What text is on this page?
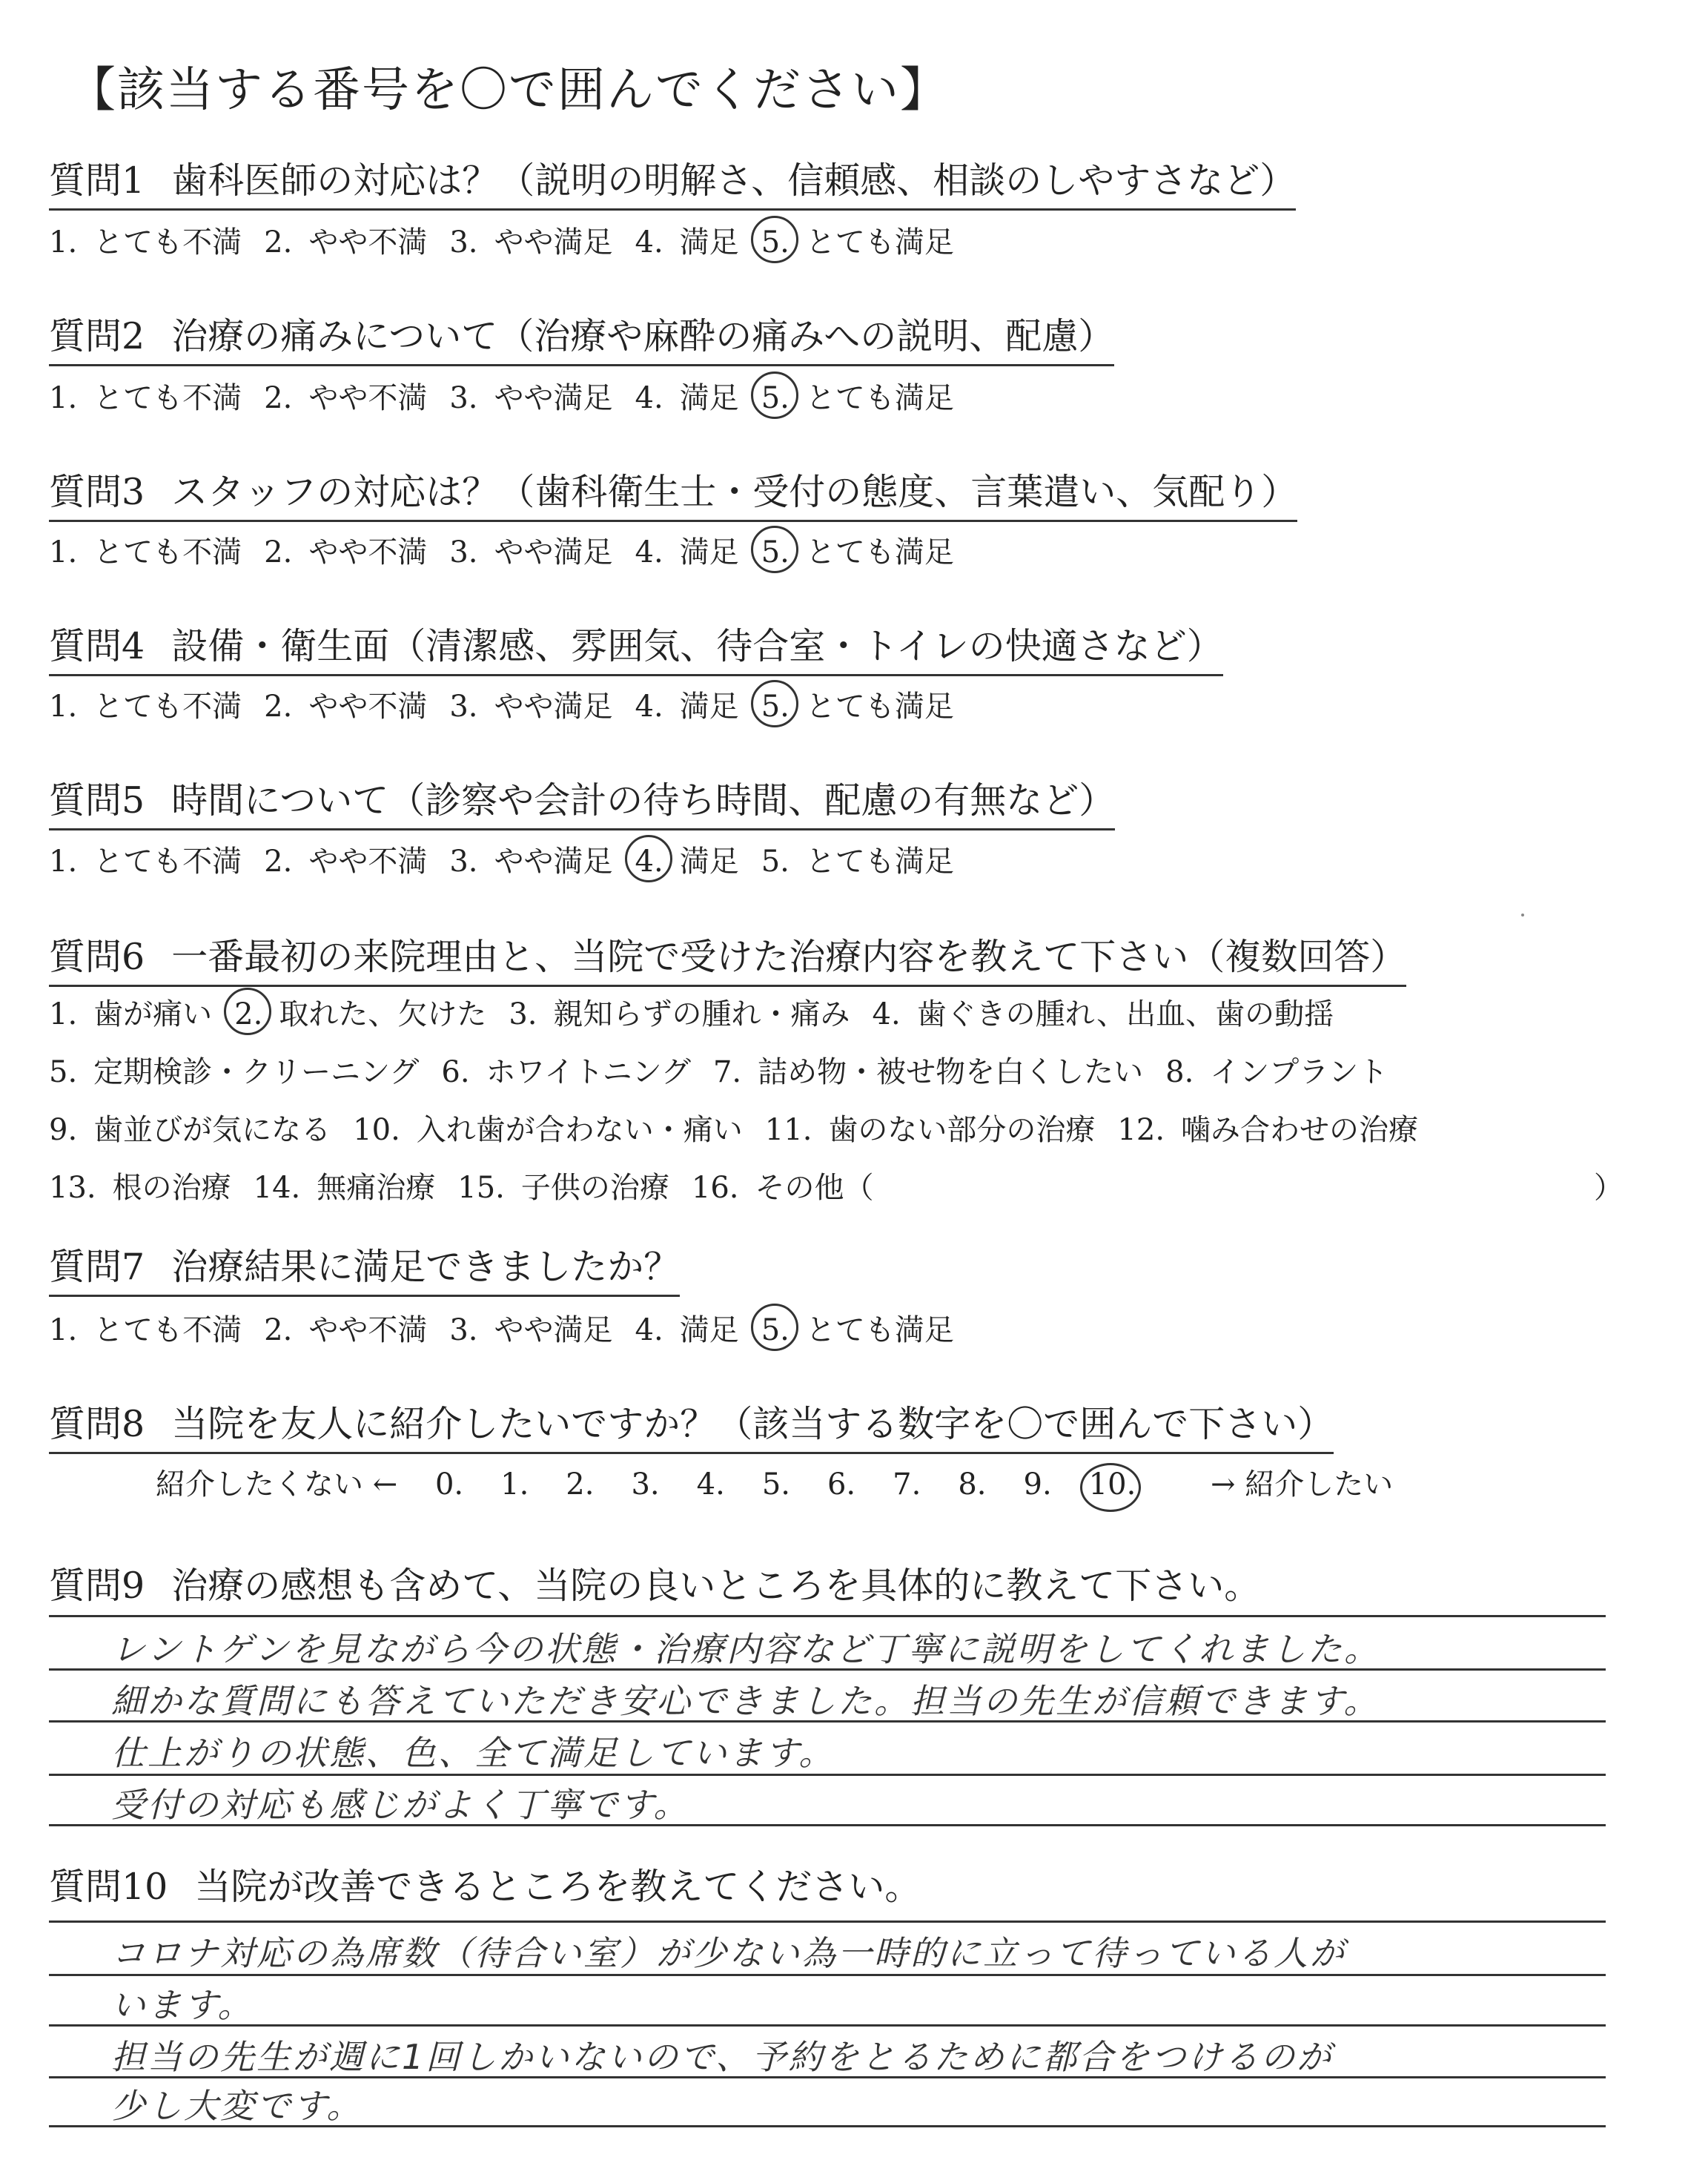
【該当する番号を〇で囲んでください】
質問1 歯科医師の対応は？（説明の明解さ、信頼感、相談のしやすさなど）
1. とても不満 2. やや不満 3. やや満足 4. 満足 5. とても満足
質問2 治療の痛みについて（治療や麻酔の痛みへの説明、配慮）
1. とても不満 2. やや不満 3. やや満足 4. 満足 5. とても満足
質問3 スタッフの対応は？（歯科衛生士・受付の態度、言葉遣い、気配り）
1. とても不満 2. やや不満 3. やや満足 4. 満足 5. とても満足
質問4 設備・衛生面（清潔感、雰囲気、待合室・トイレの快適さなど）
1. とても不満 2. やや不満 3. やや満足 4. 満足 5. とても満足
質問5 時間について（診察や会計の待ち時間、配慮の有無など）
1. とても不満 2. やや不満 3. やや満足 4. 満足 5. とても満足
質問6 一番最初の来院理由と、当院で受けた治療内容を教えて下さい（複数回答）
1. 歯が痛い 2. 取れた、欠けた 3. 親知らずの腫れ・痛み 4. 歯ぐきの腫れ、出血、歯の動揺
5. 定期検診・クリーニング 6. ホワイトニング 7. 詰め物・被せ物を白くしたい 8. インプラント
9. 歯並びが気になる 10. 入れ歯が合わない・痛い 11. 歯のない部分の治療 12. 噛み合わせの治療
13. 根の治療 14. 無痛治療 15. 子供の治療 16. その他（	）
質問7 治療結果に満足できましたか？
1. とても不満 2. やや不満 3. やや満足 4. 満足 5. とても満足
質問8 当院を友人に紹介したいですか？（該当する数字を〇で囲んで下さい）
紹介したくない ← 0. 1. 2. 3. 4. 5. 6. 7. 8. 9. 10.	→ 紹介したい
質問9 治療の感想も含めて、当院の良いところを具体的に教えて下さい。
レントゲンを見ながら今の状態・治療内容など丁寧に説明をしてくれました。
細かな質問にも答えていただき安心できました。担当の先生が信頼できます。
仕上がりの状態、色、全て満足しています。
受付の対応も感じがよく丁寧です。
質問10 当院が改善できるところを教えてください。
コロナ対応の為席数（待合い室）が少ない為一時的に立って待っている人が
います。
担当の先生が週に1回しかいないので、予約をとるために都合をつけるのが
少し大変です。
